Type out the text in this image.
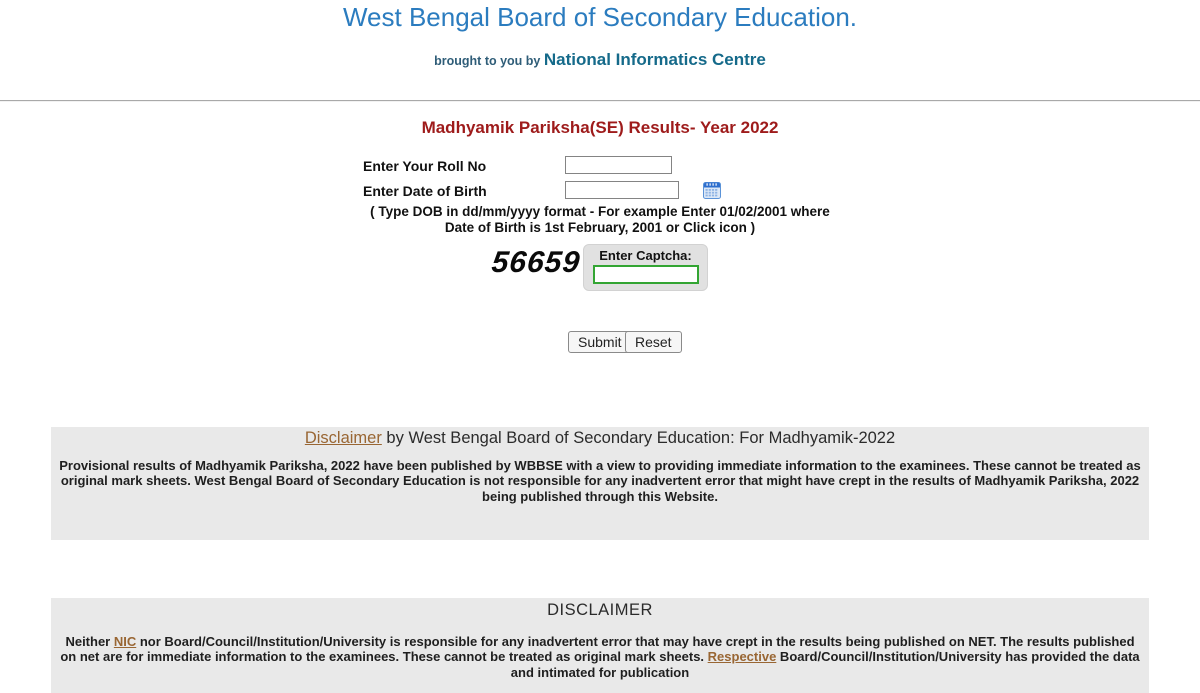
West Bengal Board of Secondary Education.
brought to you by National Informatics Centre
Madhyamik Pariksha(SE) Results- Year 2022
Enter Your Roll No
Enter Date of Birth
( Type DOB in dd/mm/yyyy format - For example Enter 01/02/2001 where
Date of Birth is 1st February, 2001 or Click icon )
56659	Enter Captcha:
Submit Reset
Disclaimer by West Bengal Board of Secondary Education: For Madhyamik-2022
Provisional results of Madhyamik Pariksha, 2022 have been published by WBBSE with a view to providing immediate information to the examinees. These cannot be treated as original mark sheets. West Bengal Board of Secondary Education is not responsible for any inadvertent error that might have crept in the results of Madhyamik Pariksha, 2022 being published through this Website.
DISCLAIMER
Neither NIC nor Board/Council/Institution/University is responsible for any inadvertent error that may have crept in the results being published on NET. The results published on net are for immediate information to the examinees. These cannot be treated as original mark sheets. Respective Board/Council/Institution/University has provided the data and intimated for publication
